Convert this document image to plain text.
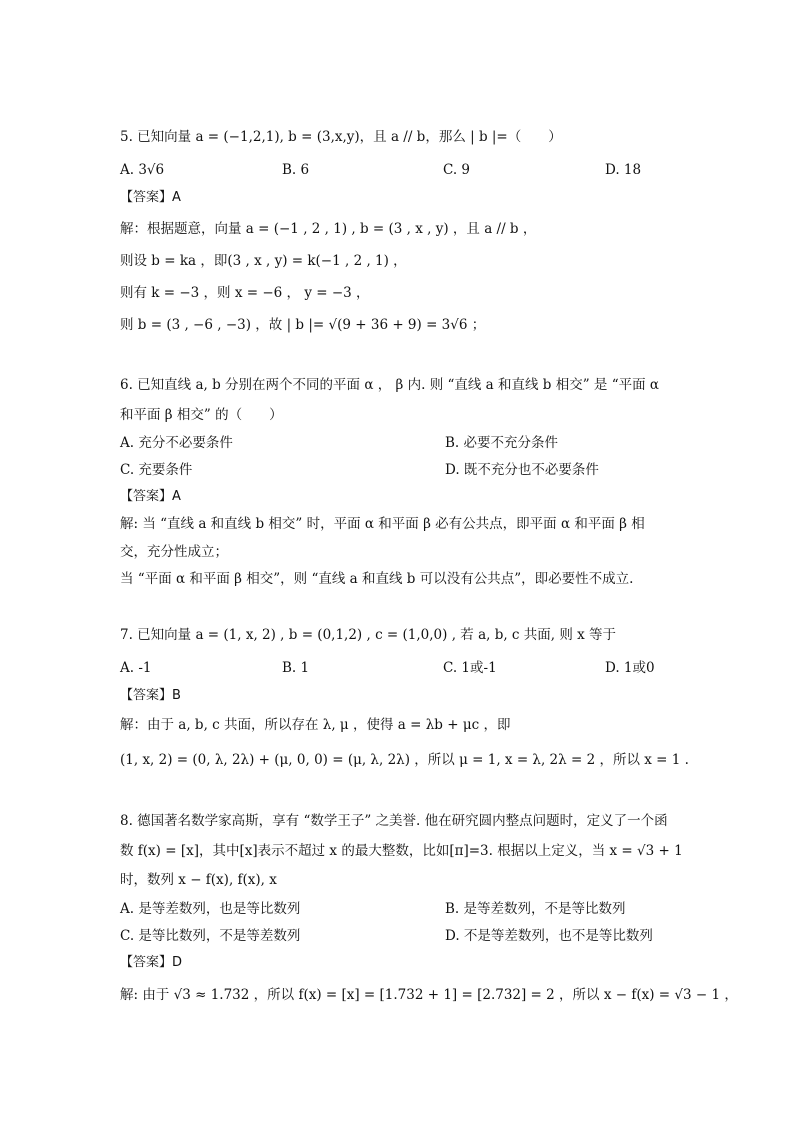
5. 已知向量 a = (−1,2,1), b = (3,x,y)，且 a // b，那么 | b |=（　　）
A. 3√6	B. 6	C. 9	D. 18
【答案】A
解：根据题意，向量 a = (−1 , 2 , 1) , b = (3 , x , y) ，且 a // b ，
则设 b = ka ，即(3 , x , y) = k(−1 , 2 , 1) ，
则有 k = −3 ，则 x = −6 ， y = −3 ，
则 b = (3 , −6 , −3) ，故 | b |= √(9 + 36 + 9) = 3√6 ；
6. 已知直线 a, b 分别在两个不同的平面 α ， β 内. 则 “直线 a 和直线 b 相交” 是 “平面 α
和平面 β 相交” 的（　　）
A. 充分不必要条件	B. 必要不充分条件
C. 充要条件	D. 既不充分也不必要条件
【答案】A
解: 当 “直线 a 和直线 b 相交” 时，平面 α 和平面 β 必有公共点，即平面 α 和平面 β 相
交，充分性成立；
当 “平面 α 和平面 β 相交”，则 “直线 a 和直线 b 可以没有公共点”，即必要性不成立.
7. 已知向量 a = (1, x, 2) , b = (0,1,2) , c = (1,0,0) , 若 a, b, c 共面, 则 x 等于
A. -1	B. 1	C. 1或-1	D. 1或0
【答案】B
解：由于 a, b, c 共面，所以存在 λ, μ ，使得 a = λb + μc ，即
(1, x, 2) = (0, λ, 2λ) + (μ, 0, 0) = (μ, λ, 2λ) ，所以 μ = 1, x = λ, 2λ = 2 ，所以 x = 1 .
8. 德国著名数学家高斯，享有 “数学王子” 之美誉. 他在研究圆内整点问题时，定义了一个函
数 f(x) = [x]，其中[x]表示不超过 x 的最大整数，比如[π]=3. 根据以上定义，当 x = √3 + 1
时，数列 x − f(x), f(x), x
A. 是等差数列，也是等比数列	B. 是等差数列，不是等比数列
C. 是等比数列，不是等差数列	D. 不是等差数列，也不是等比数列
【答案】D
解: 由于 √3 ≈ 1.732 ，所以 f(x) = [x] = [1.732 + 1] = [2.732] = 2 ，所以 x − f(x) = √3 − 1 ，
